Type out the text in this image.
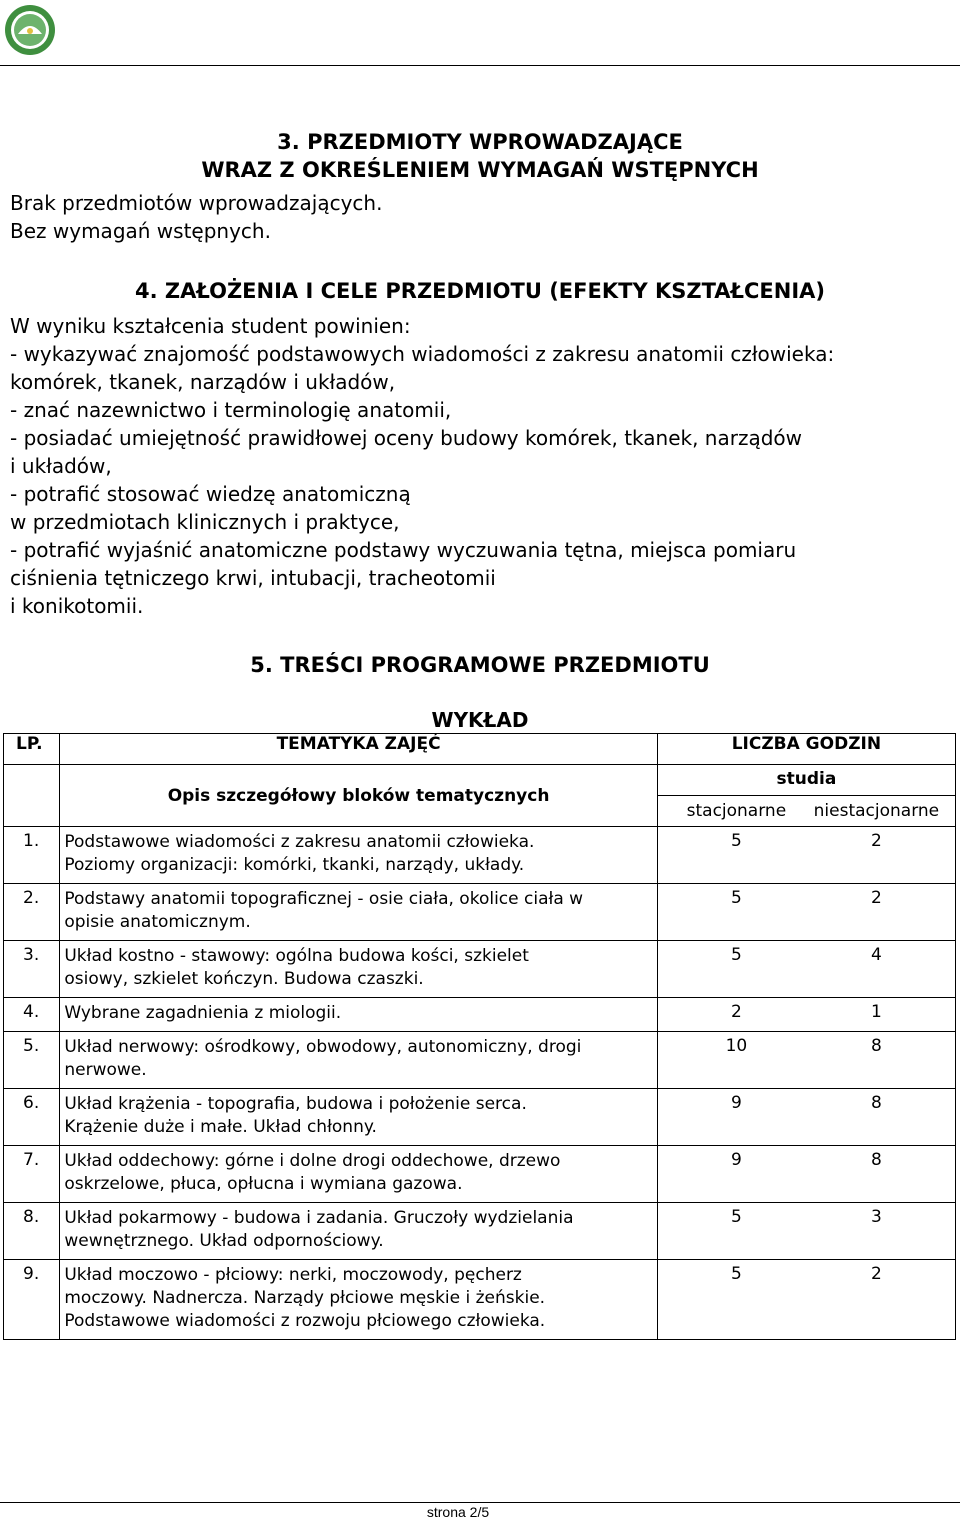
3. PRZEDMIOTY WPROWADZAJĄCE
WRAZ Z OKREŚLENIEM WYMAGAŃ WSTĘPNYCH
Brak przedmiotów wprowadzających.
Bez wymagań wstępnych.
4. ZAŁOŻENIA I CELE PRZEDMIOTU (EFEKTY KSZTAŁCENIA)
W wyniku kształcenia student powinien:
- wykazywać znajomość podstawowych wiadomości z zakresu anatomii człowieka:
komórek, tkanek, narządów i układów,
- znać nazewnictwo i terminologię anatomii,
- posiadać umiejętność prawidłowej oceny budowy komórek, tkanek, narządów
i układów,
- potrafić stosować wiedzę anatomiczną
w przedmiotach klinicznych i praktyce,
- potrafić wyjaśnić anatomiczne podstawy wyczuwania tętna, miejsca pomiaru
ciśnienia tętniczego krwi, intubacji, tracheotomii
i konikotomii.
5. TREŚCI PROGRAMOWE PRZEDMIOTU
WYKŁAD
LP.	TEMATYKA ZAJĘĆ	LICZBA GODZIN
	Opis szczegółowy bloków tematycznych	studia
stacjonarne niestacjonarne

1.	Podstawowe wiadomości z zakresu anatomii człowieka.
Poziomy organizacji: komórki, tkanki, narządy, układy.	5 2
2.	Podstawy anatomii topograficznej - osie ciała, okolice ciała w
opisie anatomicznym.	5 2
3.	Układ kostno - stawowy: ogólna budowa kości, szkielet
osiowy, szkielet kończyn. Budowa czaszki.	5 4
4.	Wybrane zagadnienia z miologii.	2 1
5.	Układ nerwowy: ośrodkowy, obwodowy, autonomiczny, drogi
nerwowe.	10 8
6.	Układ krążenia - topografia, budowa i położenie serca.
Krążenie duże i małe. Układ chłonny.	9 8
7.	Układ oddechowy: górne i dolne drogi oddechowe, drzewo
oskrzelowe, płuca, opłucna i wymiana gazowa.	9 8
8.	Układ pokarmowy - budowa i zadania. Gruczoły wydzielania
wewnętrznego. Układ odpornościowy.	5 3
9.	Układ moczowo - płciowy: nerki, moczowody, pęcherz
moczowy. Nadnercza. Narządy płciowe męskie i żeńskie.
Podstawowe wiadomości z rozwoju płciowego człowieka.	5 2
strona 2/5
